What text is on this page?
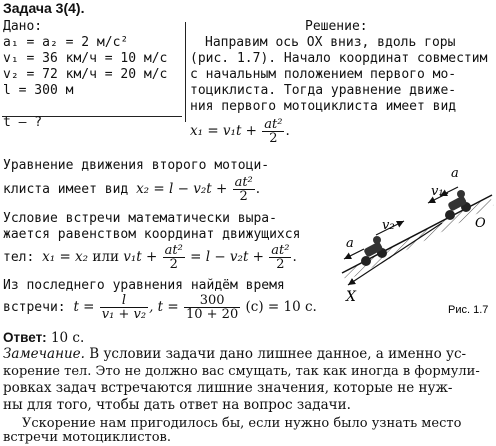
Задача 3(4).
Дано:
a₁ = a₂ = 2 м/с²
v₁ = 36 км/ч = 10 м/с
v₂ = 72 км/ч = 20 м/с
l = 300 м
t — ?
Решение:
Направим ось OX вниз, вдоль горы
(рис. 1.7). Начало координат совместим
с начальным положением первого мо-
тоциклиста. Тогда уравнение движе-
ния первого мотоциклиста имеет вид
$x_1 = v_1t + \frac{\text{at²}}{2}$ .
Уравнение движения второго мотоци-
клиста имеет вид $x_2 = l - v_2t + \frac{\text{at²}}{2}$ .
Условие встречи математически выра-
жается равенством координат движущихся
тел: x₁ = x₂ или $v_1t + \frac{\text{at²}}{2} = l - v_2t + \frac{\text{at²}}{2}$ .
Из последнего уравнения найдём время
встречи: $t = \frac{l}{\text{v₁ + v₂}}$ , $t = \frac{300}{10 + 20} (с) = 10$ с.
Ответ: 10 с.
Замечание. В условии задачи дано лишнее данное, а именно ус-
корение тел. Это не должно вас смущать, так как иногда в формули-
ровках задач встречаются лишние значения, которые не нуж-
ны для того, чтобы дать ответ на вопрос задачи.
Ускорение нам пригодилось бы, если нужно было узнать место
встречи мотоциклистов.
a
v₁
O
v₂
a
X
Рис. 1.7
